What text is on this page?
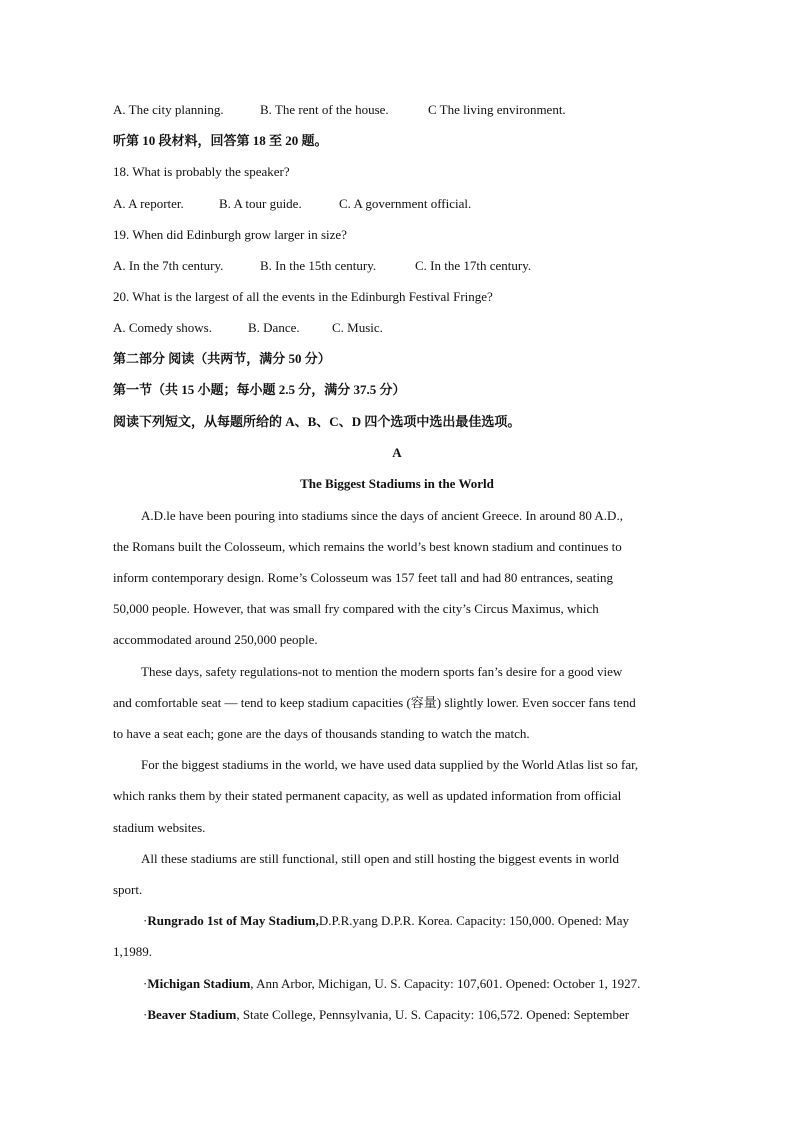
A. The city planning.	B. The rent of the house.	C The living environment.
听第 10 段材料，回答第 18 至 20 题。
18. What is probably the speaker?
A. A reporter.	B. A tour guide.	C. A government official.
19. When did Edinburgh grow larger in size?
A. In the 7th century.	B. In the 15th century.	C. In the 17th century.
20. What is the largest of all the events in the Edinburgh Festival Fringe?
A. Comedy shows.	B. Dance. C. Music.
第二部分 阅读（共两节，满分 50 分）
第一节（共 15 小题；每小题 2.5 分，满分 37.5 分）
阅读下列短文，从每题所给的 A、B、C、D 四个选项中选出最佳选项。
A
The Biggest Stadiums in the World
A.D.le have been pouring into stadiums since the days of ancient Greece. In around 80 A.D.,
the Romans built the Colosseum, which remains the world’s best known stadium and continues to
inform contemporary design. Rome’s Colosseum was 157 feet tall and had 80 entrances, seating
50,000 people. However, that was small fry compared with the city’s Circus Maximus, which
accommodated around 250,000 people.
These days, safety regulations-not to mention the modern sports fan’s desire for a good view
and comfortable seat — tend to keep stadium capacities (容量) slightly lower. Even soccer fans tend
to have a seat each; gone are the days of thousands standing to watch the match.
For the biggest stadiums in the world, we have used data supplied by the World Atlas list so far,
which ranks them by their stated permanent capacity, as well as updated information from official
stadium websites.
All these stadiums are still functional, still open and still hosting the biggest events in world
sport.
·Rungrado 1st of May Stadium,D.P.R.yang D.P.R. Korea. Capacity: 150,000. Opened: May
1,1989.
·Michigan Stadium, Ann Arbor, Michigan, U. S. Capacity: 107,601. Opened: October 1, 1927.
·Beaver Stadium, State College, Pennsylvania, U. S. Capacity: 106,572. Opened: September
